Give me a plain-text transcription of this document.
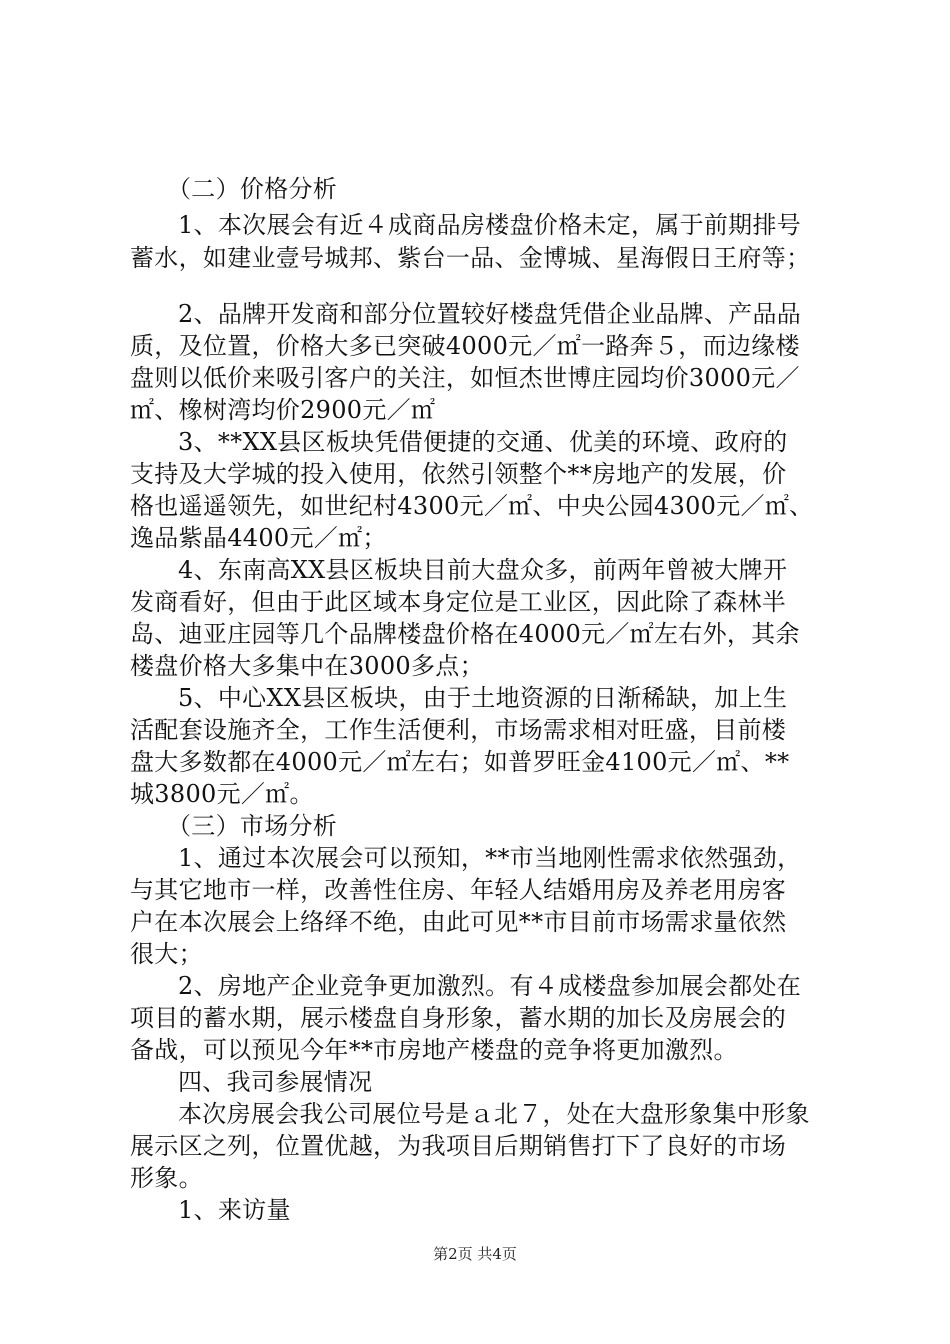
（二）价格分析
1、本次展会有近４成商品房楼盘价格未定，属于前期排号
蓄水，如建业壹号城邦、紫台一品、金博城、星海假日王府等；
2、品牌开发商和部分位置较好楼盘凭借企业品牌、产品品
质，及位置，价格大多已突破4000元／㎡一路奔５，而边缘楼
盘则以低价来吸引客户的关注，如恒杰世博庄园均价3000元／
㎡、橡树湾均价2900元／㎡
3、**XX县区板块凭借便捷的交通、优美的环境、政府的
支持及大学城的投入使用，依然引领整个**房地产的发展，价
格也遥遥领先，如世纪村4300元／㎡、中央公园4300元／㎡、
逸品紫晶4400元／㎡；
4、东南高XX县区板块目前大盘众多，前两年曾被大牌开
发商看好，但由于此区域本身定位是工业区，因此除了森林半
岛、迪亚庄园等几个品牌楼盘价格在4000元／㎡左右外，其余
楼盘价格大多集中在3000多点；
5、中心XX县区板块，由于土地资源的日渐稀缺，加上生
活配套设施齐全，工作生活便利，市场需求相对旺盛，目前楼
盘大多数都在4000元／㎡左右；如普罗旺金4100元／㎡、**
城3800元／㎡。
（三）市场分析
1、通过本次展会可以预知，**市当地刚性需求依然强劲，
与其它地市一样，改善性住房、年轻人结婚用房及养老用房客
户在本次展会上络绎不绝，由此可见**市目前市场需求量依然
很大；
2、房地产企业竞争更加激烈。有４成楼盘参加展会都处在
项目的蓄水期，展示楼盘自身形象，蓄水期的加长及房展会的
备战，可以预见今年**市房地产楼盘的竞争将更加激烈。
四、我司参展情况
本次房展会我公司展位号是ａ北７，处在大盘形象集中形象
展示区之列，位置优越，为我项目后期销售打下了良好的市场
形象。
1、来访量
第2页 共4页
